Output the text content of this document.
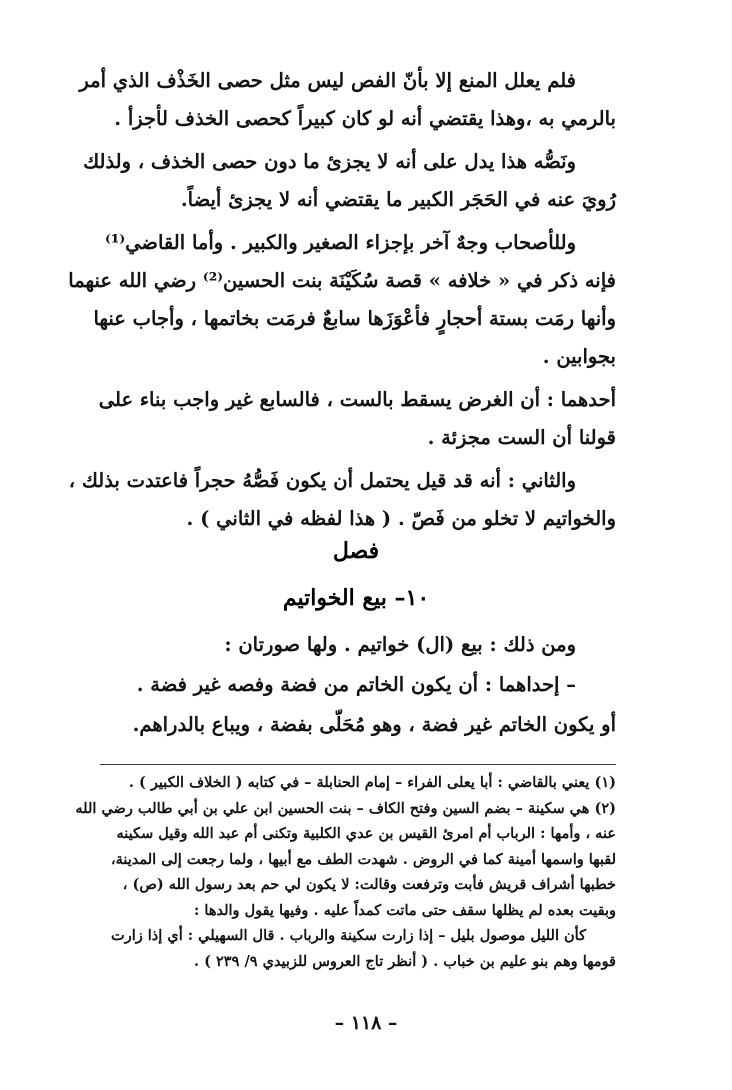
فلم يعلل المنع إلا بأنّ الفص ليس مثل حصى الخَذْف الذي أمر
بالرمي به ،وهذا يقتضي أنه لو كان كبيراً كحصى الخذف لأجزأ .

ونَصُّه هذا يدل على أنه لا يجزئ ما دون حصى الخذف ، ولذلك
رُويَ عنه في الحَجَر الكبير ما يقتضي أنه لا يجزئ أيضاً.

وللأصحاب وجهٌ آخر بإجزاء الصغير والكبير . وأما القاضي⁽¹⁾
فإنه ذكر في « خلافه » قصة سُكَيْنَة بنت الحسين⁽²⁾ رضي الله عنهما
وأنها رمَت بستة أحجارٍ فأعْوَزَها سابعٌ فرمَت بخاتمها ، وأجاب عنها
بجوابين .

أحدهما : أن الغرض يسقط بالست ، فالسابع غير واجب بناء على
قولنا أن الست مجزئة .

والثاني : أنه قد قيل يحتمل أن يكون فَصُّهُ حجراً فاعتدت بذلك ،
والخواتيم لا تخلو من فَصّ . ( هذا لفظه في الثاني ) .

فصل
١٠– بيع الخواتيم

ومن ذلك : بيع (ال) خواتيم . ولها صورتان :

– إحداهما : أن يكون الخاتم من فضة وفصه غير فضة .

أو يكون الخاتم غير فضة ، وهو مُحَلّى بفضة ، ويباع بالدراهم.

(١) يعني بالقاضي : أبا يعلى الفراء – إمام الحنابلة – في كتابه ( الخلاف الكبير ) .
(٢) هي سكينة – بضم السين وفتح الكاف – بنت الحسين ابن علي بن أبي طالب رضي الله
عنه ، وأمها : الرباب أم امرئ القيس بن عدي الكلبية وتكنى أم عبد الله وقيل سكينه
لقبها واسمها أمينة كما في الروض . شهدت الطف مع أبيها ، ولما رجعت إلى المدينة،
خطبها أشراف قريش فأبت وترفعت وقالت: لا يكون لي حم بعد رسول الله (ص) ،
وبقيت بعده لم يظلها سقف حتى ماتت كمداً عليه . وفيها يقول والدها :
كأن الليل موصول بليل – إذا زارت سكينة والرباب . قال السهيلي : أي إذا زارت
قومها وهم بنو عليم بن خباب . ( أنظر تاج العروس للزبيدي ٩/ ٢٣٩ ) .
– ١١٨ –
